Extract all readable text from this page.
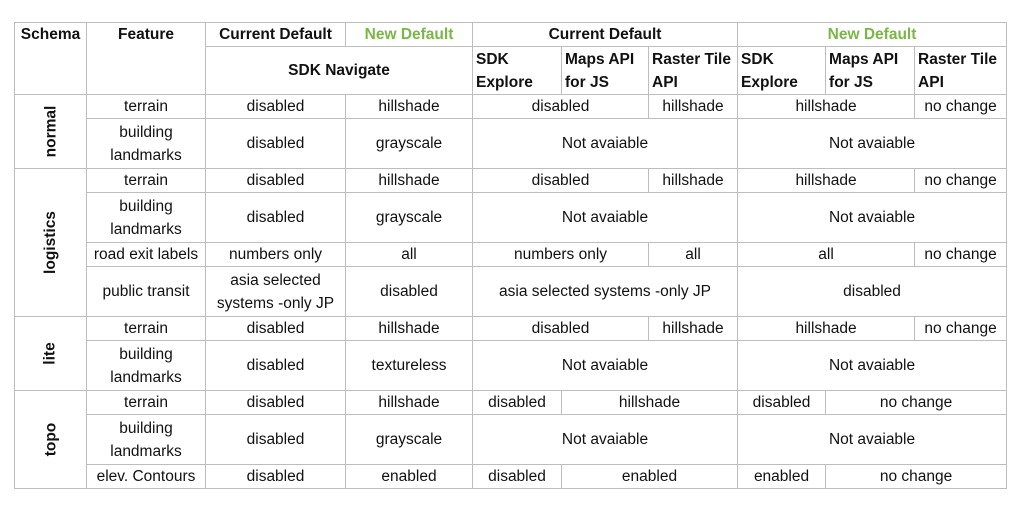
Schema	Feature	Current Default	New Default	Current Default			New Default		
		SDK Navigate		SDK Explore	Maps API for JS	Raster Tile API	SDK Explore	Maps API for JS	Raster Tile API

normal	terrain	disabled	hillshade	disabled		hillshade	hillshade		no change
	building landmarks	disabled	grayscale	Not avaiable			Not avaiable		

logistics	terrain	disabled	hillshade	disabled		hillshade	hillshade		no change
	building landmarks	disabled	grayscale	Not avaiable			Not avaiable		
	road exit labels	numbers only	all	numbers only		all	all		no change
	public transit	asia selected systems -only JP	disabled	asia selected systems -only JP			disabled		

lite	terrain	disabled	hillshade	disabled		hillshade	hillshade		no change
	building landmarks	disabled	textureless	Not avaiable			Not avaiable		

topo	terrain	disabled	hillshade	disabled	hillshade		disabled	no change	
	building landmarks	disabled	grayscale	Not avaiable			Not avaiable		
	elev. Contours	disabled	enabled	disabled	enabled		enabled	no change	
